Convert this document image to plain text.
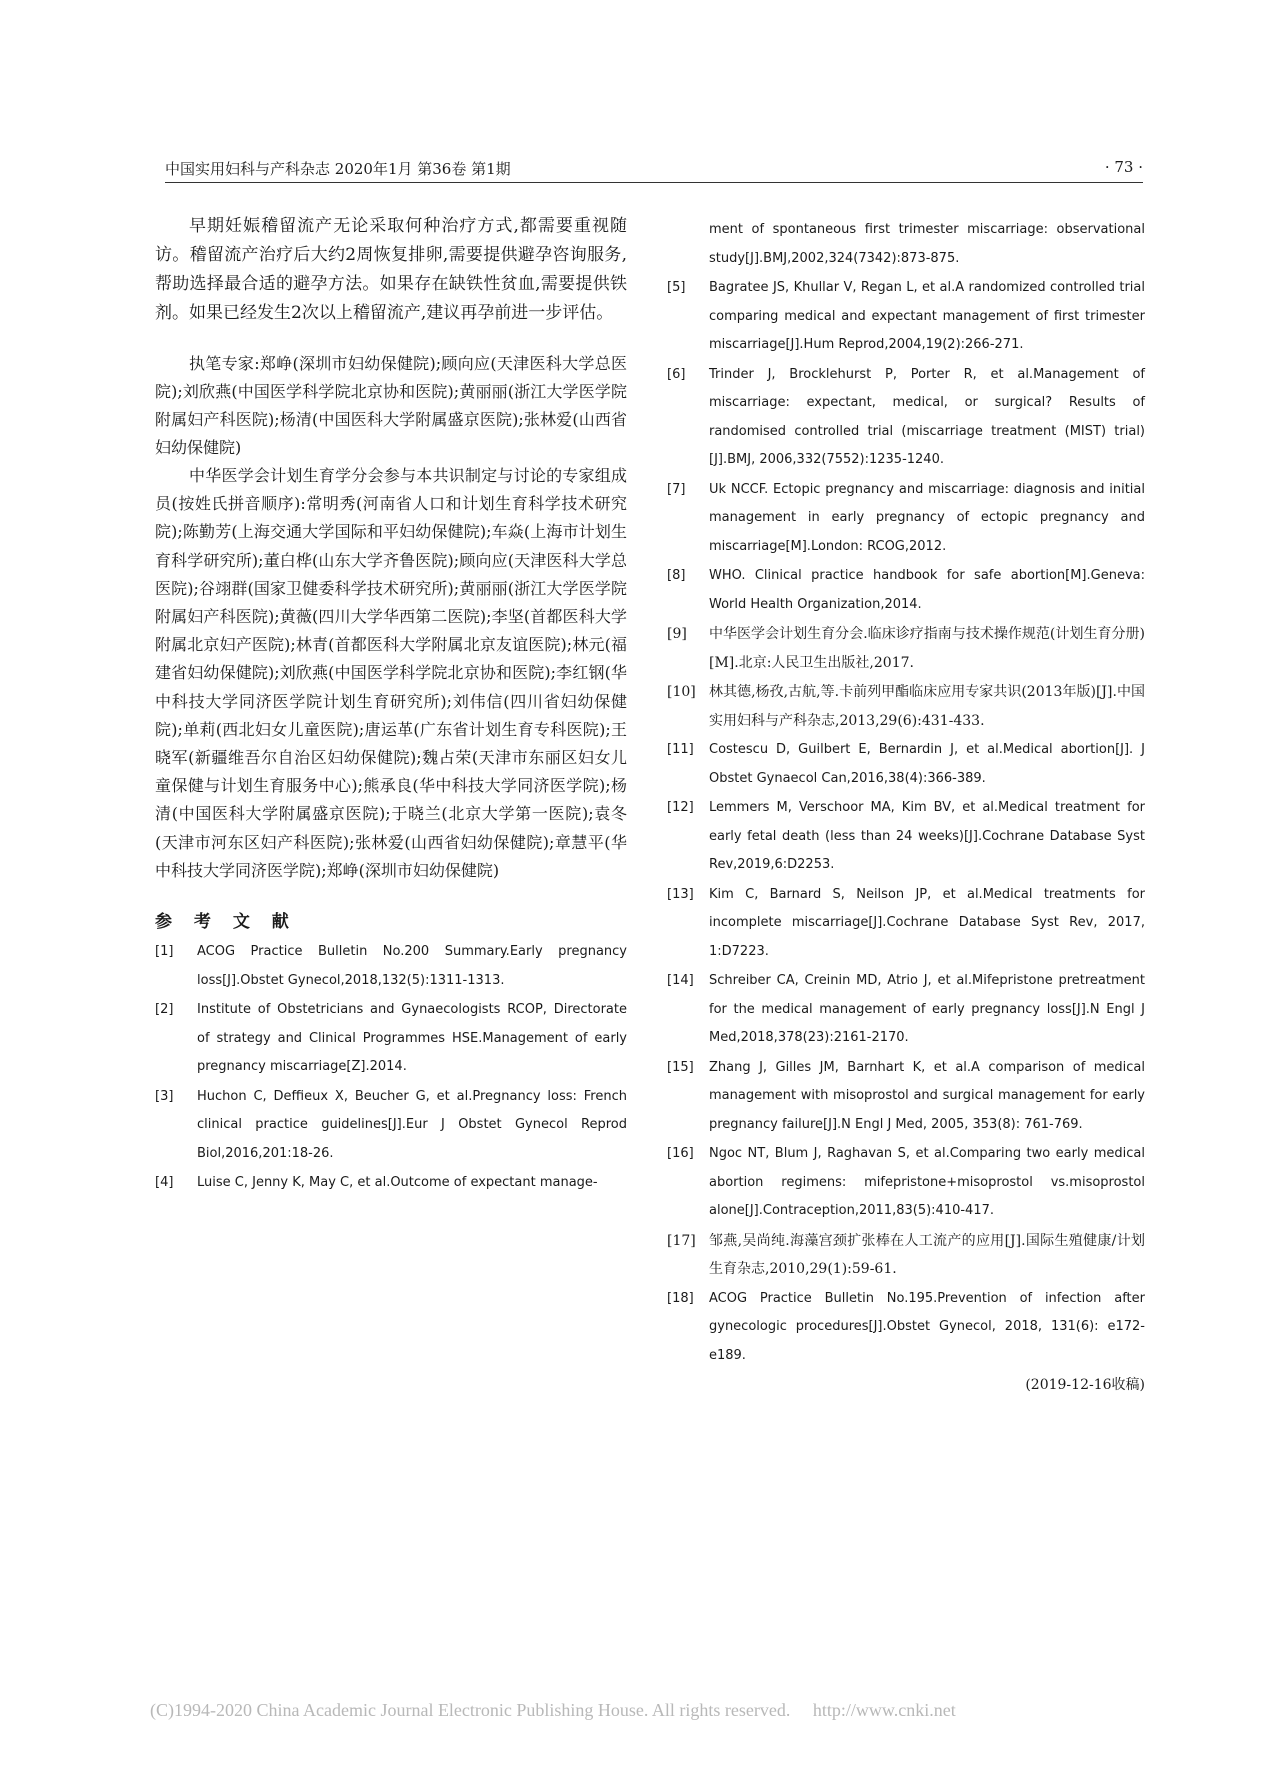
中国实用妇科与产科杂志 2020年1月 第36卷 第1期	· 73 ·

早期妊娠稽留流产无论采取何种治疗方式,都需要重视随访。稽留流产治疗后大约2周恢复排卵,需要提供避孕咨询服务,帮助选择最合适的避孕方法。如果存在缺铁性贫血,需要提供铁剂。如果已经发生2次以上稽留流产,建议再孕前进一步评估。

执笔专家:郑峥(深圳市妇幼保健院);顾向应(天津医科大学总医院);刘欣燕(中国医学科学院北京协和医院);黄丽丽(浙江大学医学院附属妇产科医院);杨清(中国医科大学附属盛京医院);张林爱(山西省妇幼保健院)

中华医学会计划生育学分会参与本共识制定与讨论的专家组成员(按姓氏拼音顺序):常明秀(河南省人口和计划生育科学技术研究院);陈勤芳(上海交通大学国际和平妇幼保健院);车焱(上海市计划生育科学研究所);董白桦(山东大学齐鲁医院);顾向应(天津医科大学总医院);谷翊群(国家卫健委科学技术研究所);黄丽丽(浙江大学医学院附属妇产科医院);黄薇(四川大学华西第二医院);李坚(首都医科大学附属北京妇产医院);林青(首都医科大学附属北京友谊医院);林元(福建省妇幼保健院);刘欣燕(中国医学科学院北京协和医院);李红钢(华中科技大学同济医学院计划生育研究所);刘伟信(四川省妇幼保健院);单莉(西北妇女儿童医院);唐运革(广东省计划生育专科医院);王晓军(新疆维吾尔自治区妇幼保健院);魏占荣(天津市东丽区妇女儿童保健与计划生育服务中心);熊承良(华中科技大学同济医学院);杨清(中国医科大学附属盛京医院);于晓兰(北京大学第一医院);袁冬(天津市河东区妇产科医院);张林爱(山西省妇幼保健院);章慧平(华中科技大学同济医学院);郑峥(深圳市妇幼保健院)

参 考 文 献
[1] ACOG Practice Bulletin No.200 Summary.Early pregnancy loss[J].Obstet Gynecol,2018,132(5):1311-1313.
[2] Institute of Obstetricians and Gynaecologists RCOP, Directorate of strategy and Clinical Programmes HSE.Management of early pregnancy miscarriage[Z].2014.
[3] Huchon C, Deffieux X, Beucher G, et al.Pregnancy loss: French clinical practice guidelines[J].Eur J Obstet Gynecol Reprod Biol,2016,201:18-26.
[4] Luise C, Jenny K, May C, et al.Outcome of expectant manage-
ment of spontaneous first trimester miscarriage: observational study[J].BMJ,2002,324(7342):873-875.
[5] Bagratee JS, Khullar V, Regan L, et al.A randomized controlled trial comparing medical and expectant management of first trimester miscarriage[J].Hum Reprod,2004,19(2):266-271.
[6] Trinder J, Brocklehurst P, Porter R, et al.Management of miscarriage: expectant, medical, or surgical? Results of randomised controlled trial (miscarriage treatment (MIST) trial)[J].BMJ, 2006,332(7552):1235-1240.
[7] Uk NCCF. Ectopic pregnancy and miscarriage: diagnosis and initial management in early pregnancy of ectopic pregnancy and miscarriage[M].London: RCOG,2012.
[8] WHO. Clinical practice handbook for safe abortion[M].Geneva: World Health Organization,2014.
[9] 中华医学会计划生育分会.临床诊疗指南与技术操作规范(计划生育分册)[M].北京:人民卫生出版社,2017.
[10] 林其德,杨孜,古航,等.卡前列甲酯临床应用专家共识(2013年版)[J].中国实用妇科与产科杂志,2013,29(6):431-433.
[11] Costescu D, Guilbert E, Bernardin J, et al.Medical abortion[J]. J Obstet Gynaecol Can,2016,38(4):366-389.
[12] Lemmers M, Verschoor MA, Kim BV, et al.Medical treatment for early fetal death (less than 24 weeks)[J].Cochrane Database Syst Rev,2019,6:D2253.
[13] Kim C, Barnard S, Neilson JP, et al.Medical treatments for incomplete miscarriage[J].Cochrane Database Syst Rev, 2017, 1:D7223.
[14] Schreiber CA, Creinin MD, Atrio J, et al.Mifepristone pretreatment for the medical management of early pregnancy loss[J].N Engl J Med,2018,378(23):2161-2170.
[15] Zhang J, Gilles JM, Barnhart K, et al.A comparison of medical management with misoprostol and surgical management for early pregnancy failure[J].N Engl J Med, 2005, 353(8): 761-769.
[16] Ngoc NT, Blum J, Raghavan S, et al.Comparing two early medical abortion regimens: mifepristone+misoprostol vs.misoprostol alone[J].Contraception,2011,83(5):410-417.
[17] 邹燕,吴尚纯.海藻宫颈扩张棒在人工流产的应用[J].国际生殖健康/计划生育杂志,2010,29(1):59-61.
[18] ACOG Practice Bulletin No.195.Prevention of infection after gynecologic procedures[J].Obstet Gynecol, 2018, 131(6): e172-e189.
(2019-12-16收稿)
(C)1994-2020 China Academic Journal Electronic Publishing House. All rights reserved.     http://www.cnki.net
